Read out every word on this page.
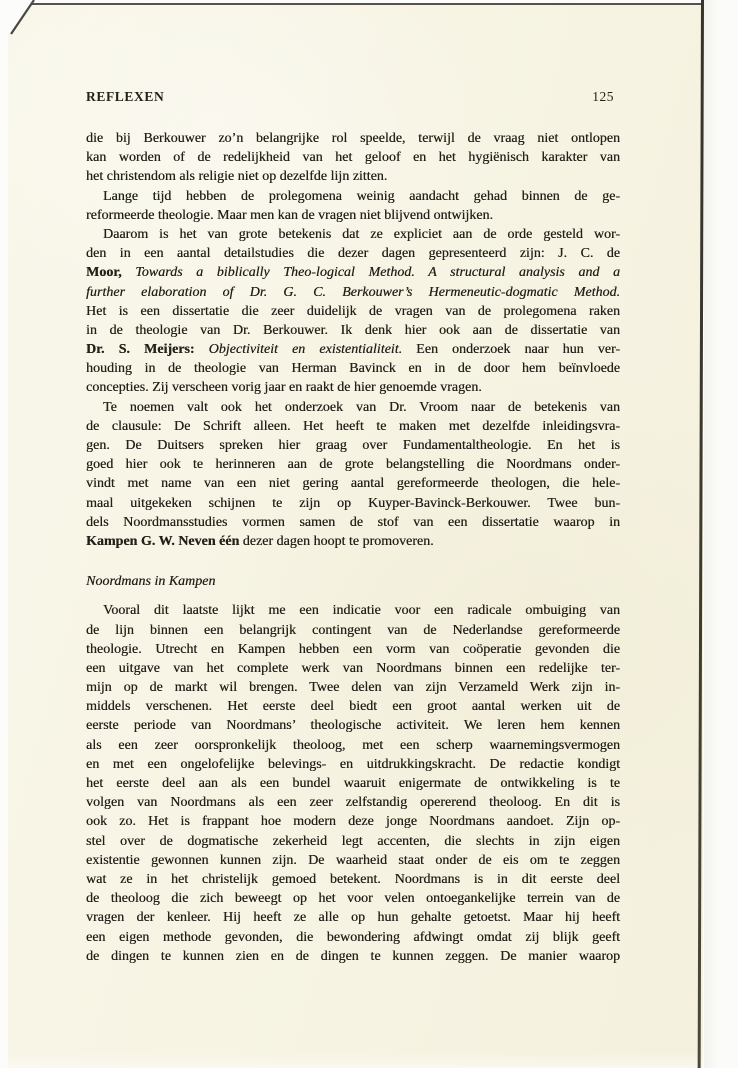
REFLEXEN	125
die bij Berkouwer zo’n belangrijke rol speelde, terwijl de vraag niet ontlopen
kan worden of de redelijkheid van het geloof en het hygiënisch karakter van
het christendom als religie niet op dezelfde lijn zitten.
Lange tijd hebben de prolegomena weinig aandacht gehad binnen de ge-
reformeerde theologie. Maar men kan de vragen niet blijvend ontwijken.
Daarom is het van grote betekenis dat ze expliciet aan de orde gesteld wor-
den in een aantal detailstudies die dezer dagen gepresenteerd zijn: J. C. de
Moor, Towards a biblically Theo-logical Method. A structural analysis and a
further elaboration of Dr. G. C. Berkouwer’s Hermeneutic-dogmatic Method.
Het is een dissertatie die zeer duidelijk de vragen van de prolegomena raken
in de theologie van Dr. Berkouwer. Ik denk hier ook aan de dissertatie van
Dr. S. Meijers: Objectiviteit en existentialiteit. Een onderzoek naar hun ver-
houding in de theologie van Herman Bavinck en in de door hem beïnvloede
concepties. Zij verscheen vorig jaar en raakt de hier genoemde vragen.
Te noemen valt ook het onderzoek van Dr. Vroom naar de betekenis van
de clausule: De Schrift alleen. Het heeft te maken met dezelfde inleidingsvra-
gen. De Duitsers spreken hier graag over Fundamentaltheologie. En het is
goed hier ook te herinneren aan de grote belangstelling die Noordmans onder-
vindt met name van een niet gering aantal gereformeerde theologen, die hele-
maal uitgekeken schijnen te zijn op Kuyper-Bavinck-Berkouwer. Twee bun-
dels Noordmansstudies vormen samen de stof van een dissertatie waarop in
Kampen G. W. Neven één dezer dagen hoopt te promoveren.
Noordmans in Kampen
Vooral dit laatste lijkt me een indicatie voor een radicale ombuiging van
de lijn binnen een belangrijk contingent van de Nederlandse gereformeerde
theologie. Utrecht en Kampen hebben een vorm van coöperatie gevonden die
een uitgave van het complete werk van Noordmans binnen een redelijke ter-
mijn op de markt wil brengen. Twee delen van zijn Verzameld Werk zijn in-
middels verschenen. Het eerste deel biedt een groot aantal werken uit de
eerste periode van Noordmans’ theologische activiteit. We leren hem kennen
als een zeer oorspronkelijk theoloog, met een scherp waarnemingsvermogen
en met een ongelofelijke belevings- en uitdrukkingskracht. De redactie kondigt
het eerste deel aan als een bundel waaruit enigermate de ontwikkeling is te
volgen van Noordmans als een zeer zelfstandig opererend theoloog. En dit is
ook zo. Het is frappant hoe modern deze jonge Noordmans aandoet. Zijn op-
stel over de dogmatische zekerheid legt accenten, die slechts in zijn eigen
existentie gewonnen kunnen zijn. De waarheid staat onder de eis om te zeggen
wat ze in het christelijk gemoed betekent. Noordmans is in dit eerste deel
de theoloog die zich beweegt op het voor velen ontoegankelijke terrein van de
vragen der kenleer. Hij heeft ze alle op hun gehalte getoetst. Maar hij heeft
een eigen methode gevonden, die bewondering afdwingt omdat zij blijk geeft
de dingen te kunnen zien en de dingen te kunnen zeggen. De manier waarop
